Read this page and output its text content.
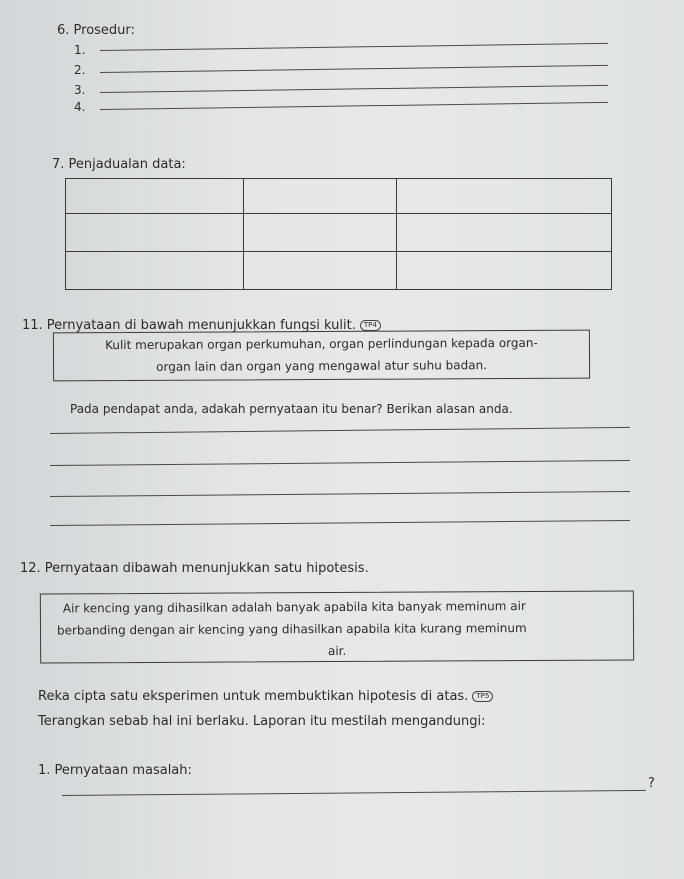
6. Prosedur:
1.
2.
3.
4.
7. Penjadualan data:

11. Pernyataan di bawah menunjukkan fungsi kulit. TP4
Kulit merupakan organ perkumuhan, organ perlindungan kepada organ-
organ lain dan organ yang mengawal atur suhu badan.
Pada pendapat anda, adakah pernyataan itu benar? Berikan alasan anda.
12. Pernyataan dibawah menunjukkan satu hipotesis.
Air kencing yang dihasilkan adalah banyak apabila kita banyak meminum air
berbanding dengan air kencing yang dihasilkan apabila kita kurang meminum
air.
Reka cipta satu eksperimen untuk membuktikan hipotesis di atas. TP5
Terangkan sebab hal ini berlaku. Laporan itu mestilah mengandungi:
1. Pernyataan masalah:
?
